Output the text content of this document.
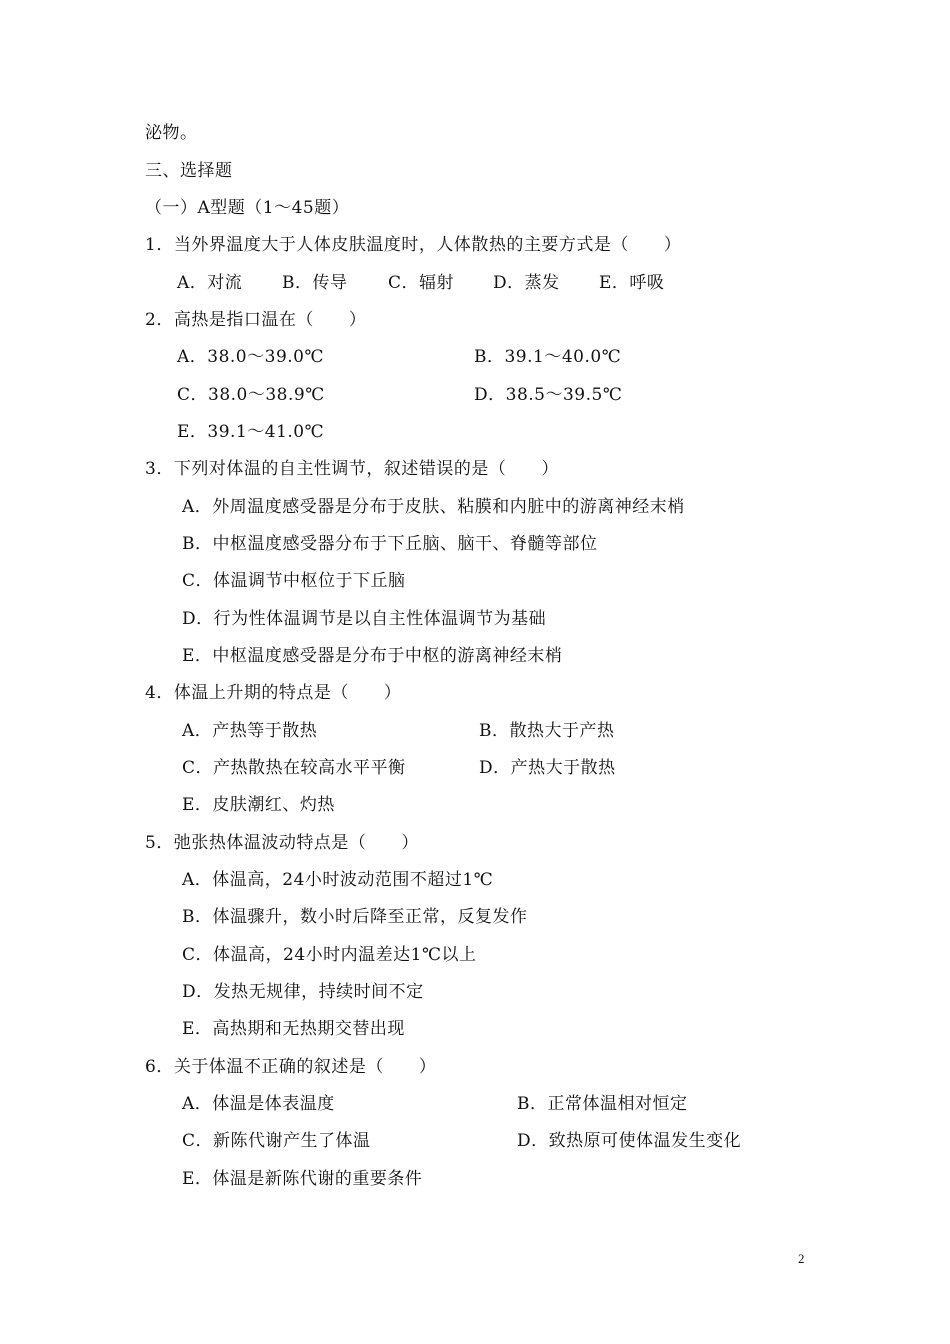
泌物。
三、选择题
（一）A型题（1～45题）
1．当外界温度大于人体皮肤温度时，人体散热的主要方式是（　　）
A．对流 B．传导 C．辐射 D．蒸发 E．呼吸
2．高热是指口温在（　　）
A．38.0～39.0℃	B．39.1～40.0℃
C．38.0～38.9℃	D．38.5～39.5℃
E．39.1～41.0℃
3．下列对体温的自主性调节，叙述错误的是（　　）
A．外周温度感受器是分布于皮肤、粘膜和内脏中的游离神经末梢
B．中枢温度感受器分布于下丘脑、脑干、脊髓等部位
C．体温调节中枢位于下丘脑
D．行为性体温调节是以自主性体温调节为基础
E．中枢温度感受器是分布于中枢的游离神经末梢
4．体温上升期的特点是（　　）
A．产热等于散热	B．散热大于产热
C．产热散热在较高水平平衡	D．产热大于散热
E．皮肤潮红、灼热
5．弛张热体温波动特点是（　　）
A．体温高，24小时波动范围不超过1℃
B．体温骤升，数小时后降至正常，反复发作
C．体温高，24小时内温差达1℃以上
D．发热无规律，持续时间不定
E．高热期和无热期交替出现
6．关于体温不正确的叙述是（　　）
A．体温是体表温度	B．正常体温相对恒定
C．新陈代谢产生了体温	D．致热原可使体温发生变化
E．体温是新陈代谢的重要条件
2
